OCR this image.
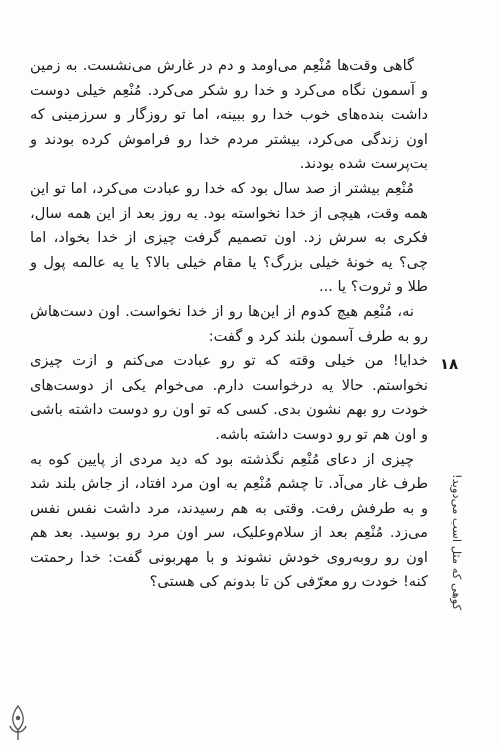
گاهی وقت‌ها مُنْعِم می‌اومد و دم در غارش می‌نشست. به زمین و آسمون نگاه می‌کرد و خدا رو شکر می‌کرد. مُنْعِم خیلی دوست داشت بنده‌های خوب خدا رو ببینه، اما تو روزگار و سرزمینی که اون زندگی می‌کرد، بیشتر مردم خدا رو فراموش کرده بودند و بت‌پرست شده بودند.

مُنْعِم بیشتر از صد سال بود که خدا رو عبادت می‌کرد، اما تو این همه وقت، هیچی از خدا نخواسته بود. یه روز بعد از این همه سال، فکری به سرش زد. اون تصمیم گرفت چیزی از خدا بخواد، اما چی؟ یه خونهٔ خیلی بزرگ؟ یا مقام خیلی بالا؟ یا یه عالمه پول و طلا و ثروت؟ یا ...

نه، مُنْعِم هیچ کدوم از این‌ها رو از خدا نخواست. اون دست‌هاش رو به طرف آسمون بلند کرد و گفت:

خدایا! من خیلی وقته که تو رو عبادت می‌کنم و ازت چیزی نخواستم. حالا یه درخواست دارم. می‌خوام یکی از دوست‌های خودت رو بهم نشون بدی. کسی که تو اون رو دوست داشته باشی و اون هم تو رو دوست داشته باشه.

چیزی از دعای مُنْعِم نگذشته بود که دید مردی از پایین کوه به طرف غار می‌آد. تا چشم مُنْعِم به اون مرد افتاد، از جاش بلند شد و به طرفش رفت. وقتی به هم رسیدند، مرد داشت نفس نفس می‌زد. مُنْعِم بعد از سلام‌وعلیک، سر اون مرد رو بوسید. بعد هم اون رو روبه‌روی خودش نشوند و با مهربونی گفت: خدا رحمتت کنه! خودت رو معرّفی کن تا بدونم کی هستی؟

۱۸
کوهی که مثل اسب می‌دوید!
